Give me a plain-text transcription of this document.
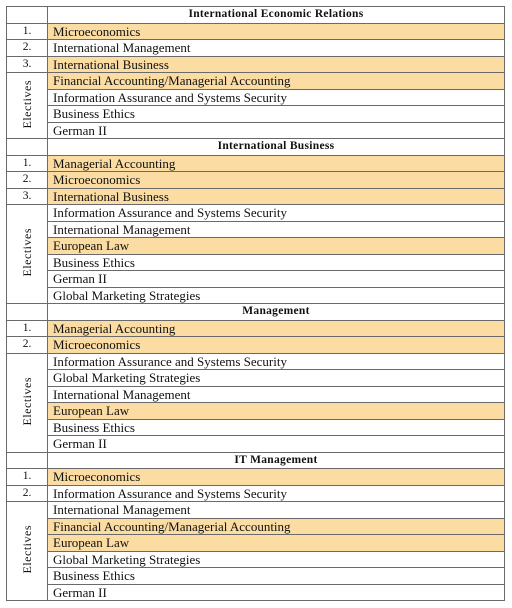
	International Economic Relations
1.	Microeconomics
2.	International Management
3.	International Business
Electives	Financial Accounting/Managerial Accounting
	Information Assurance and Systems Security
	Business Ethics
	German II
	International Business
1.	Managerial Accounting
2.	Microeconomics
3.	International Business
Electives	Information Assurance and Systems Security
	International Management
	European Law
	Business Ethics
	German II
	Global Marketing Strategies
	Management
1.	Managerial Accounting
2.	Microeconomics
Electives	Information Assurance and Systems Security
	Global Marketing Strategies
	International Management
	European Law
	Business Ethics
	German II
	IT Management
1.	Microeconomics
2.	Information Assurance and Systems Security
Electives	International Management
	Financial Accounting/Managerial Accounting
	European Law
	Global Marketing Strategies
	Business Ethics
	German II
